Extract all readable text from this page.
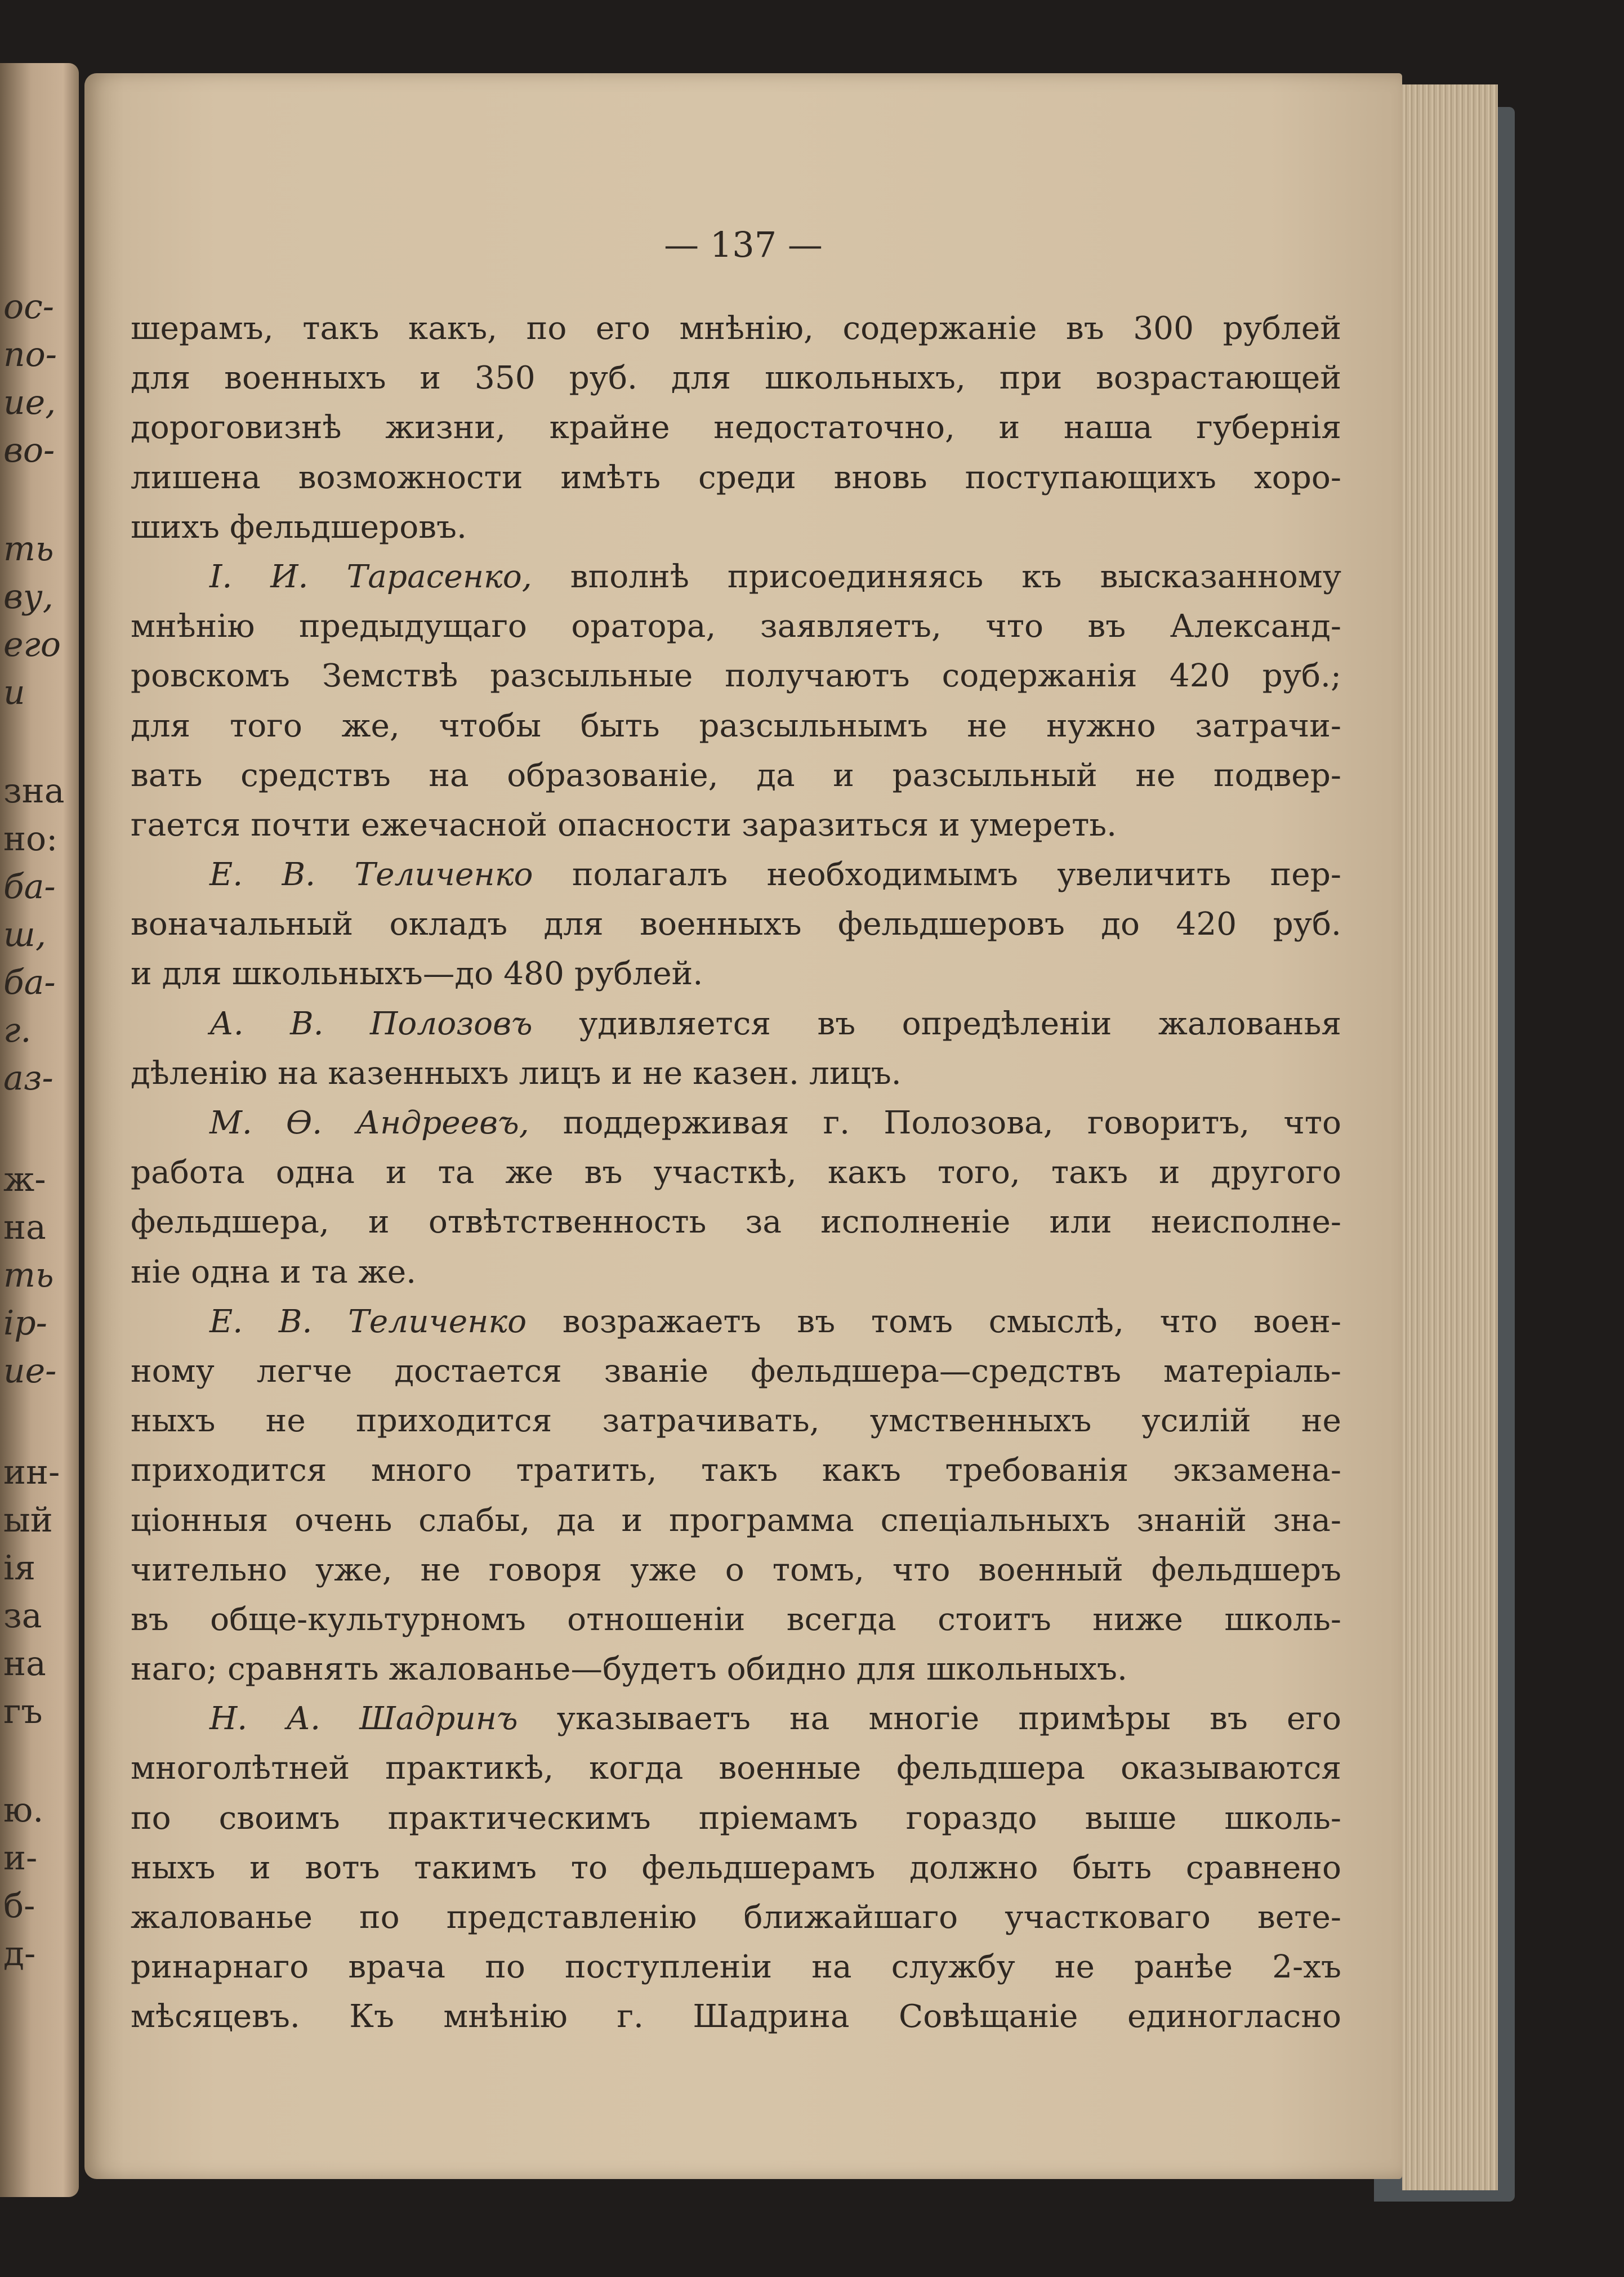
ос-
по-
ие,
во-
ть
ву,
его
и
зна
но:
ба-
ш,
ба-
г.
аз-
ж-
на
ть
ір-
ие-
ин-
ый
ія
за
на
гъ
ю.
и-
б-
д-
— 137 —
шерамъ, такъ какъ, по его мнѣнію, содержаніе въ 300 рублей
для военныхъ и 350 руб. для школьныхъ, при возрастающей
дороговизнѣ жизни, крайне недостаточно, и наша губернія
лишена возможности имѣть среди вновь поступающихъ хоро-
шихъ фельдшеровъ.
I. И. Тарасенко, вполнѣ присоединяясь къ высказанному
мнѣнію предыдущаго оратора, заявляетъ, что въ Александ-
ровскомъ Земствѣ разсыльные получаютъ содержанія 420 руб.;
для того же, чтобы быть разсыльнымъ не нужно затрачи-
вать средствъ на образованіе, да и разсыльный не подвер-
гается почти ежечасной опасности заразиться и умереть.
Е. В. Теличенко полагалъ необходимымъ увеличить пер-
воначальный окладъ для военныхъ фельдшеровъ до 420 руб.
и для школьныхъ—до 480 рублей.
А. В. Полозовъ удивляется въ опредѣленіи жалованья
дѣленію на казенныхъ лицъ и не казен. лицъ.
М. Ѳ. Андреевъ, поддерживая г. Полозова, говоритъ, что
работа одна и та же въ участкѣ, какъ того, такъ и другого
фельдшера, и отвѣтственность за исполненіе или неисполне-
ніе одна и та же.
Е. В. Теличенко возражаетъ въ томъ смыслѣ, что воен-
ному легче достается званіе фельдшера—средствъ матеріаль-
ныхъ не приходится затрачивать, умственныхъ усилій не
приходится много тратить, такъ какъ требованія экзамена-
ціонныя очень слабы, да и программа спеціальныхъ знаній зна-
чительно уже, не говоря уже о томъ, что военный фельдшеръ
въ обще-культурномъ отношеніи всегда стоитъ ниже школь-
наго; сравнять жалованье—будетъ обидно для школьныхъ.
Н. А. Шадринъ указываетъ на многіе примѣры въ его
многолѣтней практикѣ, когда военные фельдшера оказываются
по своимъ практическимъ пріемамъ гораздо выше школь-
ныхъ и вотъ такимъ то фельдшерамъ должно быть сравнено
жалованье по представленію ближайшаго участковаго вете-
ринарнаго врача по поступленіи на службу не ранѣе 2-хъ
мѣсяцевъ. Къ мнѣнію г. Шадрина Совѣщаніе единогласно
